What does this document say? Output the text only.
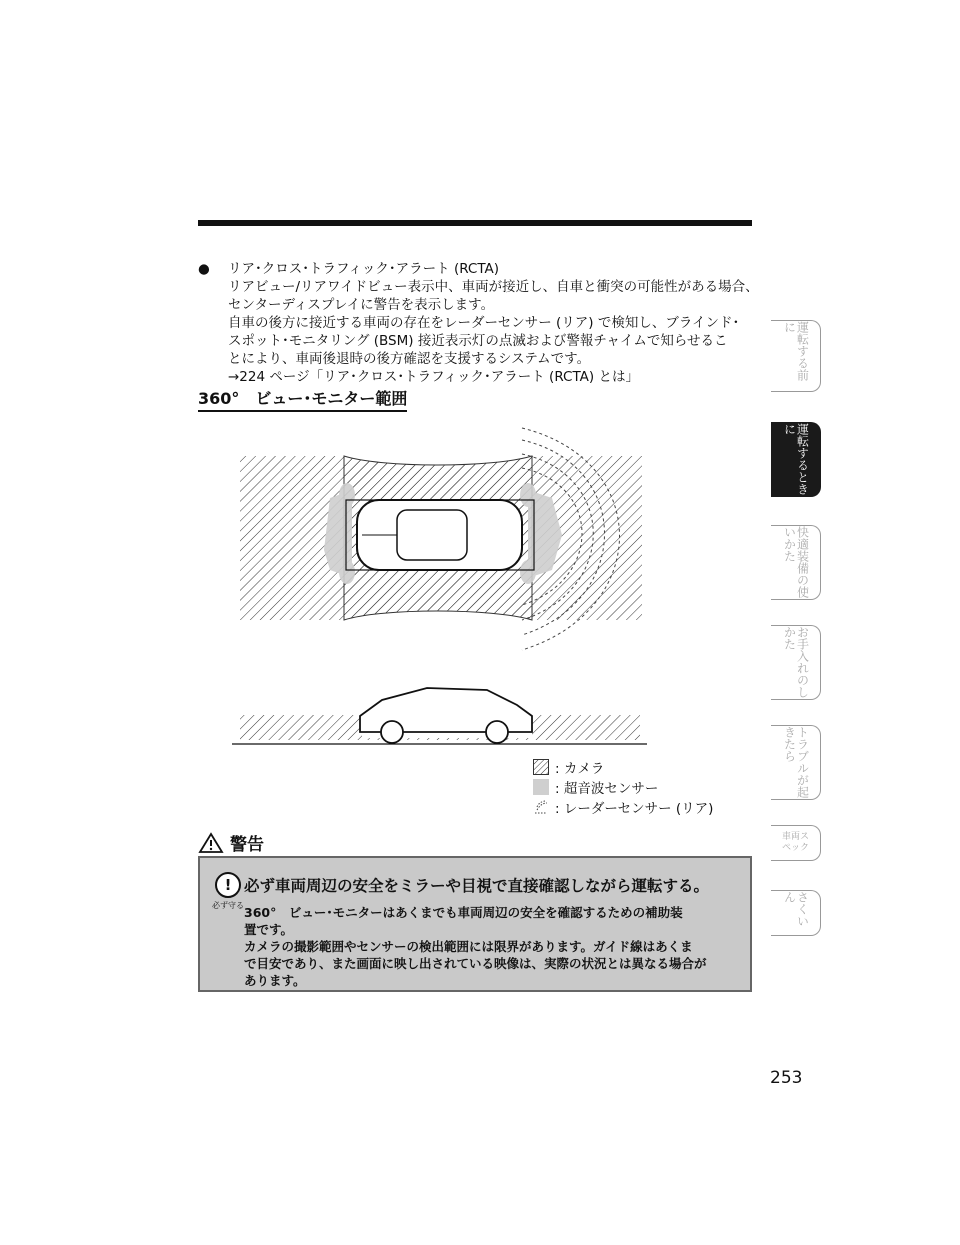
● リア･クロス･トラフィック･アラート (RCTA)
リアビュー/リアワイドビュー表示中、車両が接近し、自車と衝突の可能性がある場合、
センターディスプレイに警告を表示します。
自車の後方に接近する車両の存在をレーダーセンサー (リア) で検知し、ブラインド･
スポット･モニタリング (BSM) 接近表示灯の点滅および警報チャイムで知らせるこ
とにより、車両後退時の後方確認を支援するシステムです。
→224 ページ「リア･クロス･トラフィック･アラート (RCTA) とは」
360°　ビュー･モニター範囲
: カメラ
: 超音波センサー
: レーダーセンサー (リア)
警告
!
必ず守る
必ず車両周辺の安全をミラーや目視で直接確認しながら運転する。
360°　ビュー･モニターはあくまでも車両周辺の安全を確認するための補助装
置です。
カメラの撮影範囲やセンサーの検出範囲には限界があります。ガイド線はあくま
で目安であり、また画面に映し出されている映像は、実際の状況とは異なる場合が
あります。
運転する前に
運転するときに
快適装備の使いかた
お手入れのしかた
トラブルが起きたら
車両スペック
さくいん
253
